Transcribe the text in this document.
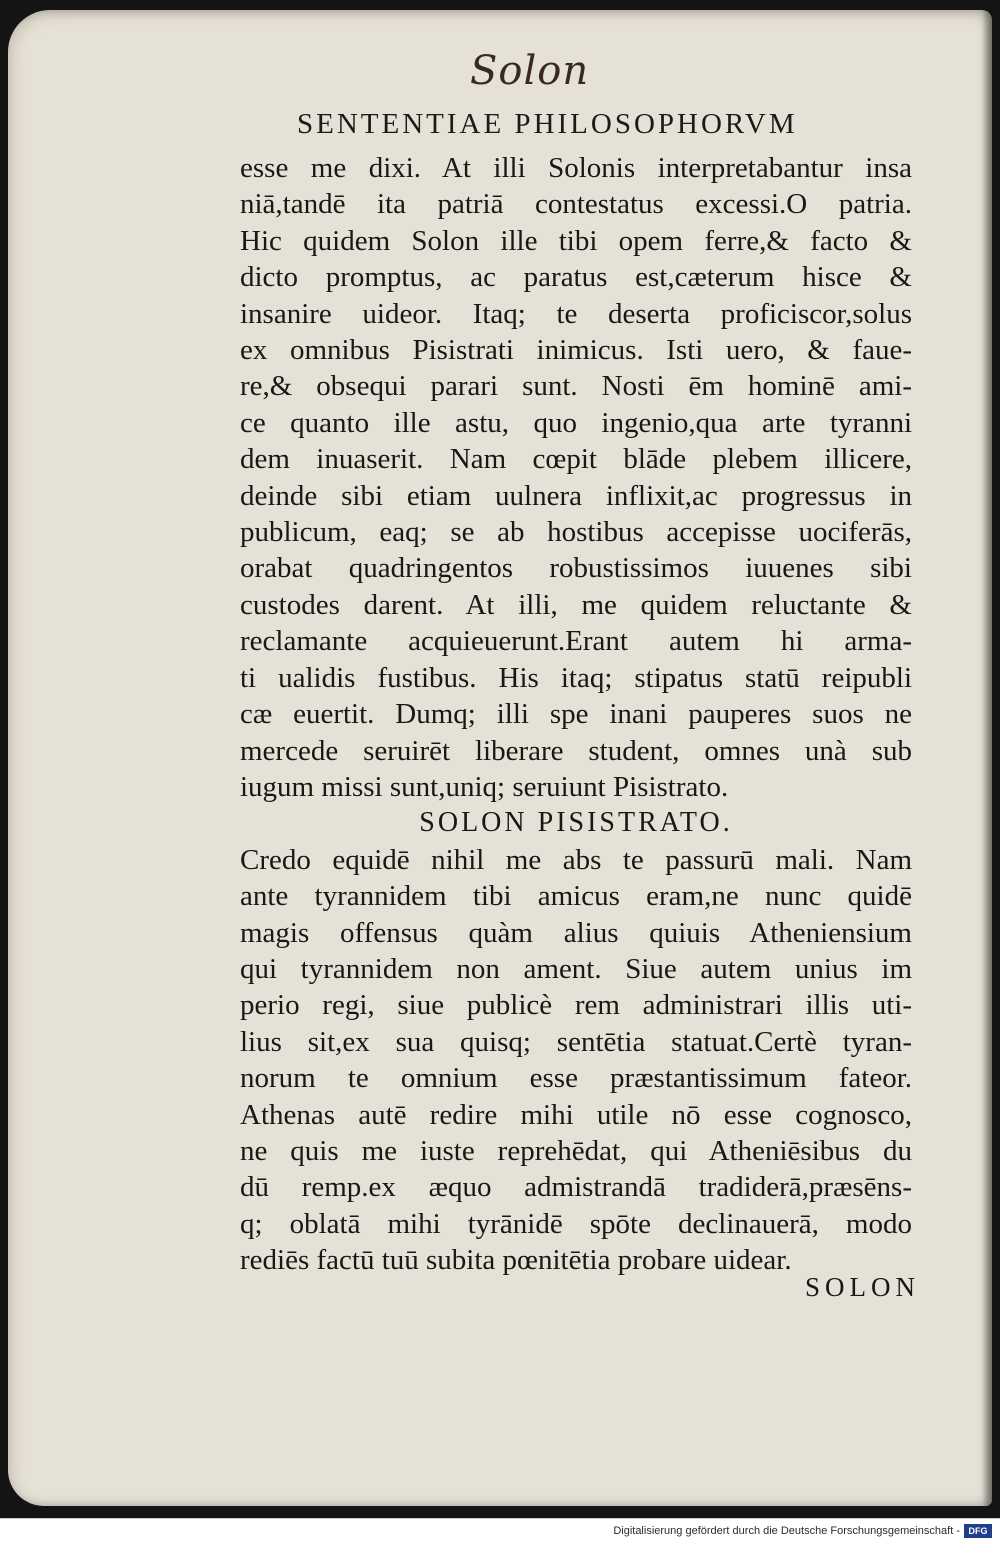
Solon
SENTENTIAE PHILOSOPHORVM
esse me dixi. At illi Solonis interpretabantur insa
niā,tandē ita patriā contestatus excessi.O patria.
Hic quidem Solon ille tibi opem ferre,& facto &
dicto promptus, ac paratus est,cæterum hisce &
insanire uideor. Itaq; te deserta proficiscor,solus
ex omnibus Pisistrati inimicus. Isti uero, & faue-
re,& obsequi parari sunt. Nosti ēm hominē ami-
ce quanto ille astu, quo ingenio,qua arte tyranni
dem inuaserit. Nam cœpit blāde plebem illicere,
deinde sibi etiam uulnera inflixit,ac progressus in
publicum, eaq; se ab hostibus accepisse uociferās,
orabat quadringentos robustissimos iuuenes sibi
custodes darent. At illi, me quidem reluctante &
reclamante acquieuerunt.Erant autem hi arma-
ti ualidis fustibus. His itaq; stipatus statū reipubli
cæ euertit. Dumq; illi spe inani pauperes suos ne
mercede seruirēt liberare student, omnes unà sub
iugum missi sunt,uniq; seruiunt Pisistrato.
SOLON PISISTRATO.
Credo equidē nihil me abs te passurū mali. Nam
ante tyrannidem tibi amicus eram,ne nunc quidē
magis offensus quàm alius quiuis Atheniensium
qui tyrannidem non ament. Siue autem unius im
perio regi, siue publicè rem administrari illis uti-
lius sit,ex sua quisq; sentētia statuat.Certè tyran-
norum te omnium esse præstantissimum fateor.
Athenas autē redire mihi utile nō esse cognosco,
ne quis me iuste reprehēdat, qui Atheniēsibus du
dū remp.ex æquo admistrandā tradiderā,præsēns-
q; oblatā mihi tyrānidē spōte declinauerā, modo
rediēs factū tuū subita pœnitētia probare uidear.
SOLON
Digitalisierung gefördert durch die Deutsche Forschungsgemeinschaft - DFG
